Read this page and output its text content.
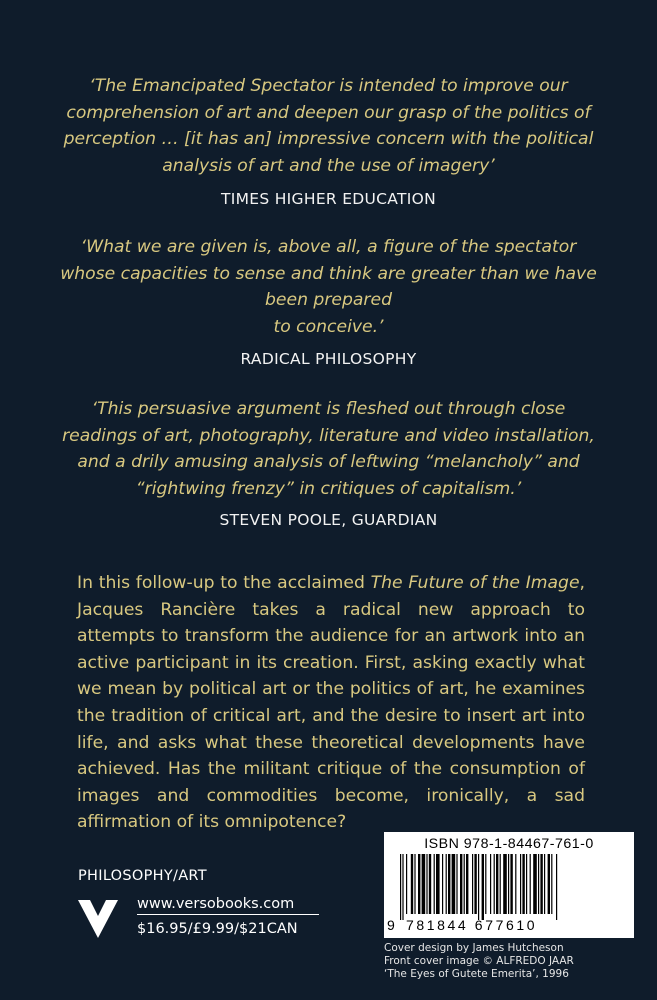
‘The Emancipated Spectator is intended to improve our
comprehension of art and deepen our grasp of the politics of
perception … [it has an] impressive concern with the political
analysis of art and the use of imagery’
TIMES HIGHER EDUCATION
‘What we are given is, above all, a figure of the spectator
whose capacities to sense and think are greater than we have
been prepared
to conceive.’
RADICAL PHILOSOPHY
‘This persuasive argument is fleshed out through close
readings of art, photography, literature and video installation,
and a drily amusing analysis of leftwing “melancholy” and
“rightwing frenzy” in critiques of capitalism.’
STEVEN POOLE, GUARDIAN
In this follow-up to the acclaimed The Future of the Image, Jacques Rancière takes a radical new approach to attempts to transform the audience for an artwork into an active participant in its creation. First, asking exactly what we mean by political art or the politics of art, he examines the tradition of critical art, and the desire to insert art into life, and asks what these theoretical developments have achieved. Has the militant critique of the consumption of images and commodities become, ironically, a sad affirmation of its omnipotence?
PHILOSOPHY/ART
www.versobooks.com
$16.95/£9.99/$21CAN
ISBN 978-1-84467-761-0
9 781844 677610
Cover design by James Hutcheson
Front cover image © ALFREDO JAAR
‘The Eyes of Gutete Emerita’, 1996
